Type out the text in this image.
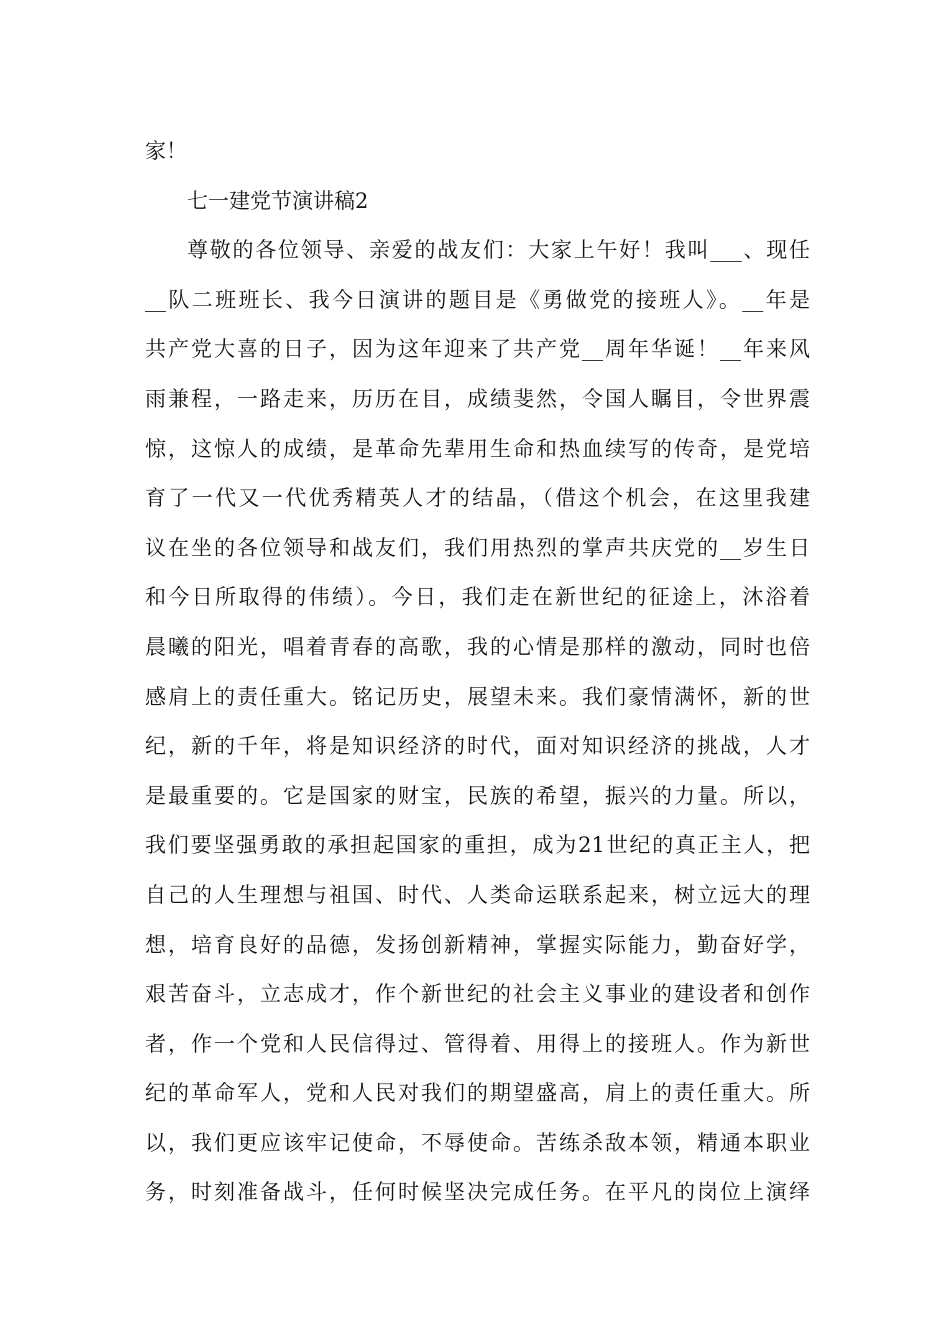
家！
七一建党节演讲稿2
尊敬的各位领导、亲爱的战友们：大家上午好！我叫___、现任
__队二班班长、我今日演讲的题目是《勇做党的接班人》。__年是
共产党大喜的日子，因为这年迎来了共产党__周年华诞！__年来风
雨兼程，一路走来，历历在目，成绩斐然，令国人瞩目，令世界震
惊，这惊人的成绩，是革命先辈用生命和热血续写的传奇，是党培
育了一代又一代优秀精英人才的结晶，（借这个机会，在这里我建
议在坐的各位领导和战友们，我们用热烈的掌声共庆党的__岁生日
和今日所取得的伟绩）。今日，我们走在新世纪的征途上，沐浴着
晨曦的阳光，唱着青春的高歌，我的心情是那样的激动，同时也倍
感肩上的责任重大。铭记历史，展望未来。我们豪情满怀，新的世
纪，新的千年，将是知识经济的时代，面对知识经济的挑战，人才
是最重要的。它是国家的财宝，民族的希望，振兴的力量。所以，
我们要坚强勇敢的承担起国家的重担，成为21世纪的真正主人，把
自己的人生理想与祖国、时代、人类命运联系起来，树立远大的理
想，培育良好的品德，发扬创新精神，掌握实际能力，勤奋好学，
艰苦奋斗，立志成才，作个新世纪的社会主义事业的建设者和创作
者，作一个党和人民信得过、管得着、用得上的接班人。作为新世
纪的革命军人，党和人民对我们的期望盛高，肩上的责任重大。所
以，我们更应该牢记使命，不辱使命。苦练杀敌本领，精通本职业
务，时刻准备战斗，任何时候坚决完成任务。在平凡的岗位上演绎
